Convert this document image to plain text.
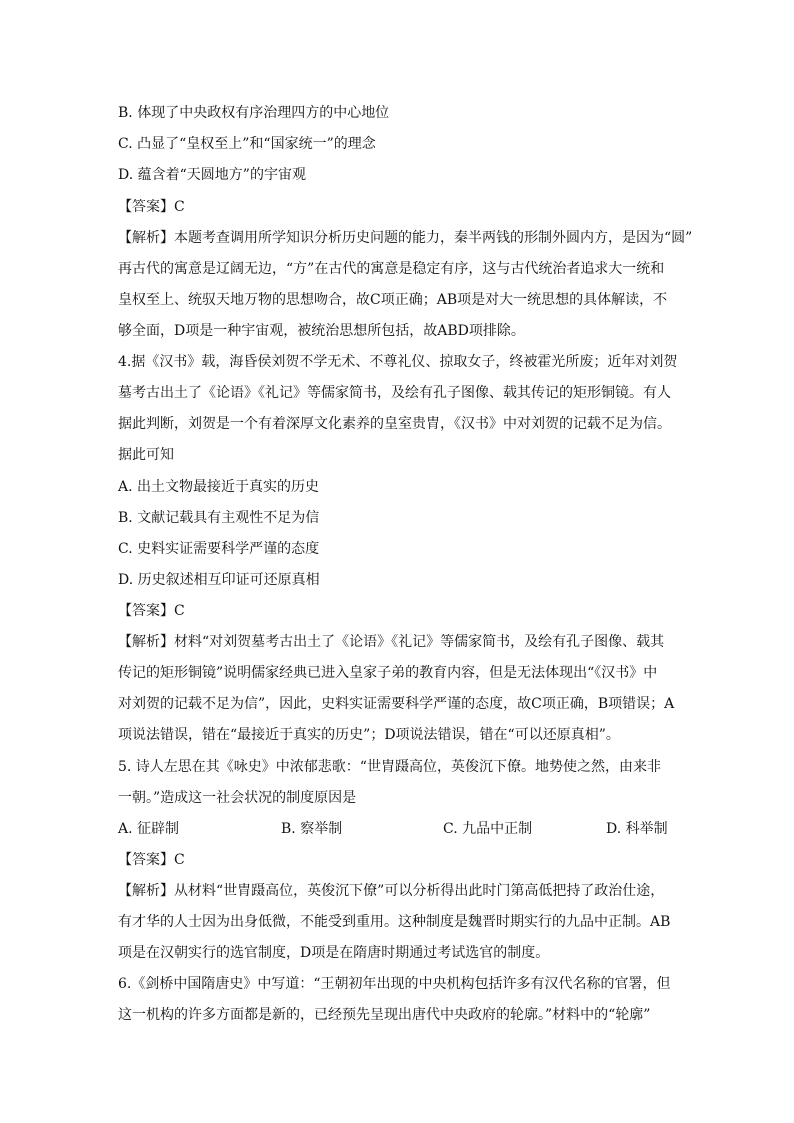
B. 体现了中央政权有序治理四方的中心地位
C. 凸显了“皇权至上”和“国家统一”的理念
D. 蕴含着“天圆地方”的宇宙观
【答案】C
【解析】本题考查调用所学知识分析历史问题的能力，秦半两钱的形制外圆内方，是因为“圆”
再古代的寓意是辽阔无边，“方”在古代的寓意是稳定有序，这与古代统治者追求大一统和
皇权至上、统驭天地万物的思想吻合，故C项正确；AB项是对大一统思想的具体解读，不
够全面，D项是一种宇宙观，被统治思想所包括，故ABD项排除。
4.据《汉书》载，海昏侯刘贺不学无术、不尊礼仪、掠取女子，终被霍光所废；近年对刘贺
墓考古出土了《论语》《礼记》等儒家简书，及绘有孔子图像、载其传记的矩形铜镜。有人
据此判断，刘贺是一个有着深厚文化素养的皇室贵胄，《汉书》中对刘贺的记载不足为信。
据此可知
A. 出土文物最接近于真实的历史
B. 文献记载具有主观性不足为信
C. 史料实证需要科学严谨的态度
D. 历史叙述相互印证可还原真相
【答案】C
【解析】材料“对刘贺墓考古出土了《论语》《礼记》等儒家简书，及绘有孔子图像、载其
传记的矩形铜镜”说明儒家经典已进入皇家子弟的教育内容，但是无法体现出“《汉书》中
对刘贺的记载不足为信”，因此，史料实证需要科学严谨的态度，故C项正确，B项错误；A
项说法错误，错在“最接近于真实的历史”；D项说法错误，错在“可以还原真相”。
5. 诗人左思在其《咏史》中浓郁悲歌：“世胄蹑高位，英俊沉下僚。地势使之然，由来非
一朝。”造成这一社会状况的制度原因是
A. 征辟制	B. 察举制	C. 九品中正制	D. 科举制
【答案】C
【解析】从材料“世胄蹑高位，英俊沉下僚”可以分析得出此时门第高低把持了政治仕途，
有才华的人士因为出身低微，不能受到重用。这种制度是魏晋时期实行的九品中正制。AB
项是在汉朝实行的选官制度，D项是在隋唐时期通过考试选官的制度。
6.《剑桥中国隋唐史》中写道：“王朝初年出现的中央机构包括许多有汉代名称的官署，但
这一机构的许多方面都是新的，已经预先呈现出唐代中央政府的轮廓。”材料中的“轮廓”
